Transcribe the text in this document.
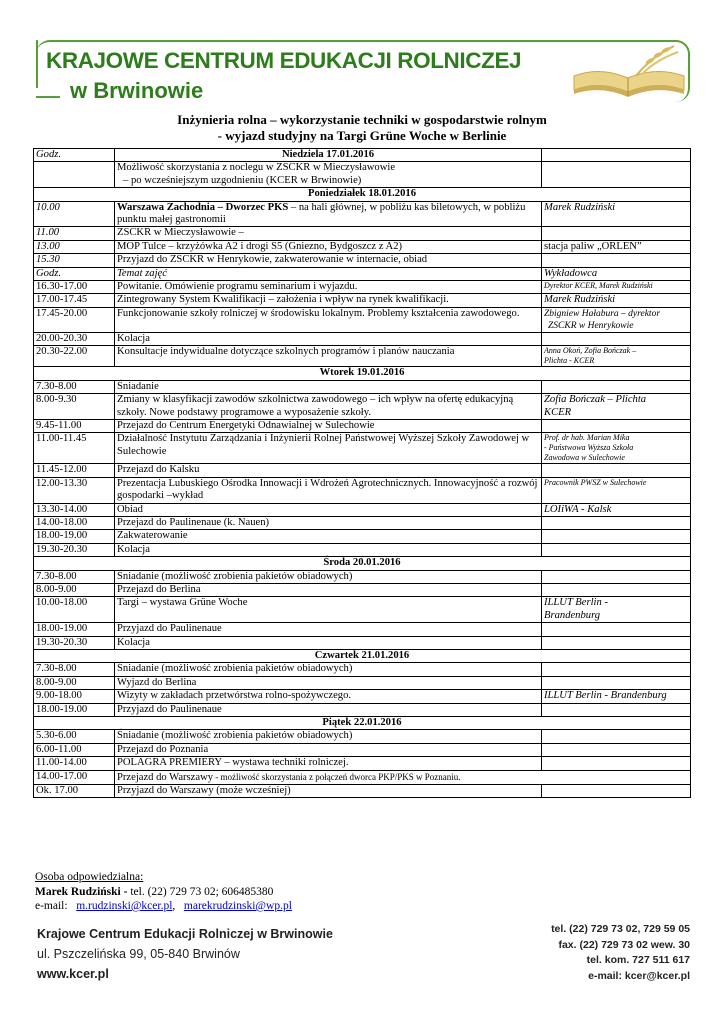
KRAJOWE CENTRUM EDUKACJI ROLNICZEJ
w Brwinowie
Inżynieria rolna – wykorzystanie techniki w gospodarstwie rolnym
- wyjazd studyjny na Targi Grüne Woche w Berlinie
Godz.	Niedziela 17.01.2016	

	Możliwość skorzystania z noclegu w ZSCKR w Mieczysławowie
– po wcześniejszym uzgodnieniu (KCER w Brwinowie)	

Poniedziałek 18.01.2016		
10.00	Warszawa Zachodnia – Dworzec PKS – na hali głównej, w pobliżu kas biletowych, w pobliżu punktu małej gastronomii	Marek Rudziński
11.00	ZSCKR w Mieczysławowie –	
13.00	MOP Tulce – krzyżówka A2 i drogi S5 (Gniezno, Bydgoszcz z A2)	stacja paliw „ORLEN”
15.30	Przyjazd do ZSCKR w Henrykowie, zakwaterowanie w internacie, obiad	
Godz.	Temat zajęć	Wykładowca
16.30-17.00	Powitanie. Omówienie programu seminarium i wyjazdu.	Dyrektor KCER, Marek Rudziński
17.00-17.45	Zintegrowany System Kwalifikacji – założenia i wpływ na rynek kwalifikacji.	Marek Rudziński
17.45-20.00	Funkcjonowanie szkoły rolniczej w środowisku lokalnym. Problemy kształcenia zawodowego.	Zbigniew Hałabura – dyrektor
ZSCKR w Henrykowie

20.00-20.30	Kolacja	
20.30-22.00	Konsultacje indywidualne dotyczące szkolnych programów i planów nauczania	Anna Okoń, Zofia Bończak –
Plichta - KCER

Wtorek 19.01.2016		
7.30-8.00	Śniadanie	
8.00-9.30	Zmiany w klasyfikacji zawodów szkolnictwa zawodowego – ich wpływ na ofertę edukacyjną szkoły. Nowe podstawy programowe a wyposażenie szkoły.	Zofia Bończak – Plichta
KCER

9.45-11.00	Przejazd do Centrum Energetyki Odnawialnej w Sulechowie	
11.00-11.45	Działalność Instytutu Zarządzania i Inżynierii Rolnej Państwowej Wyższej Szkoły Zawodowej w Sulechowie	Prof. dr hab. Marian Mika
- Państwowa Wyższa Szkoła
Zawodowa w Sulechowie

11.45-12.00	Przejazd do Kalsku	
12.00-13.30	Prezentacja Lubuskiego Ośrodka Innowacji i Wdrożeń Agrotechnicznych. Innowacyjność a rozwój gospodarki –wykład	Pracownik PWSZ w Sulechowie
13.30-14.00	Obiad	LOIiWA - Kalsk
14.00-18.00	Przejazd do Paulinenaue (k. Nauen)	
18.00-19.00	Zakwaterowanie	
19.30-20.30	Kolacja	
Środa 20.01.2016		
7.30-8.00	Śniadanie (możliwość zrobienia pakietów obiadowych)	
8.00-9.00	Przejazd do Berlina	
10.00-18.00	Targi – wystawa Grüne Woche	ILLUT Berlin -
Brandenburg

18.00-19.00	Przyjazd do Paulinenaue	
19.30-20.30	Kolacja	
Czwartek 21.01.2016		
7.30-8.00	Śniadanie (możliwość zrobienia pakietów obiadowych)	
8.00-9.00	Wyjazd do Berlina	
9.00-18.00	Wizyty w zakładach przetwórstwa rolno-spożywczego.	ILLUT Berlin - Brandenburg
18.00-19.00	Przyjazd do Paulinenaue	
Piątek 22.01.2016		
5.30-6.00	Śniadanie (możliwość zrobienia pakietów obiadowych)	
6.00-11.00	Przejazd do Poznania	
11.00-14.00	POLAGRA PREMIERY – wystawa techniki rolniczej.	
14.00-17.00	Przejazd do Warszawy - możliwość skorzystania z połączeń dworca PKP/PKS w Poznaniu.	
Ok. 17.00	Przyjazd do Warszawy (może wcześniej)	
Osoba odpowiedzialna:
Marek Rudziński - tel. (22) 729 73 02; 606485380
e-mail: m.rudzinski@kcer.pl, marekrudzinski@wp.pl
Krajowe Centrum Edukacji Rolniczej w Brwinowie
ul. Pszczelińska 99, 05-840 Brwinów
www.kcer.pl
tel. (22) 729 73 02, 729 59 05
fax. (22) 729 73 02 wew. 30
tel. kom. 727 511 617
e-mail: kcer@kcer.pl
